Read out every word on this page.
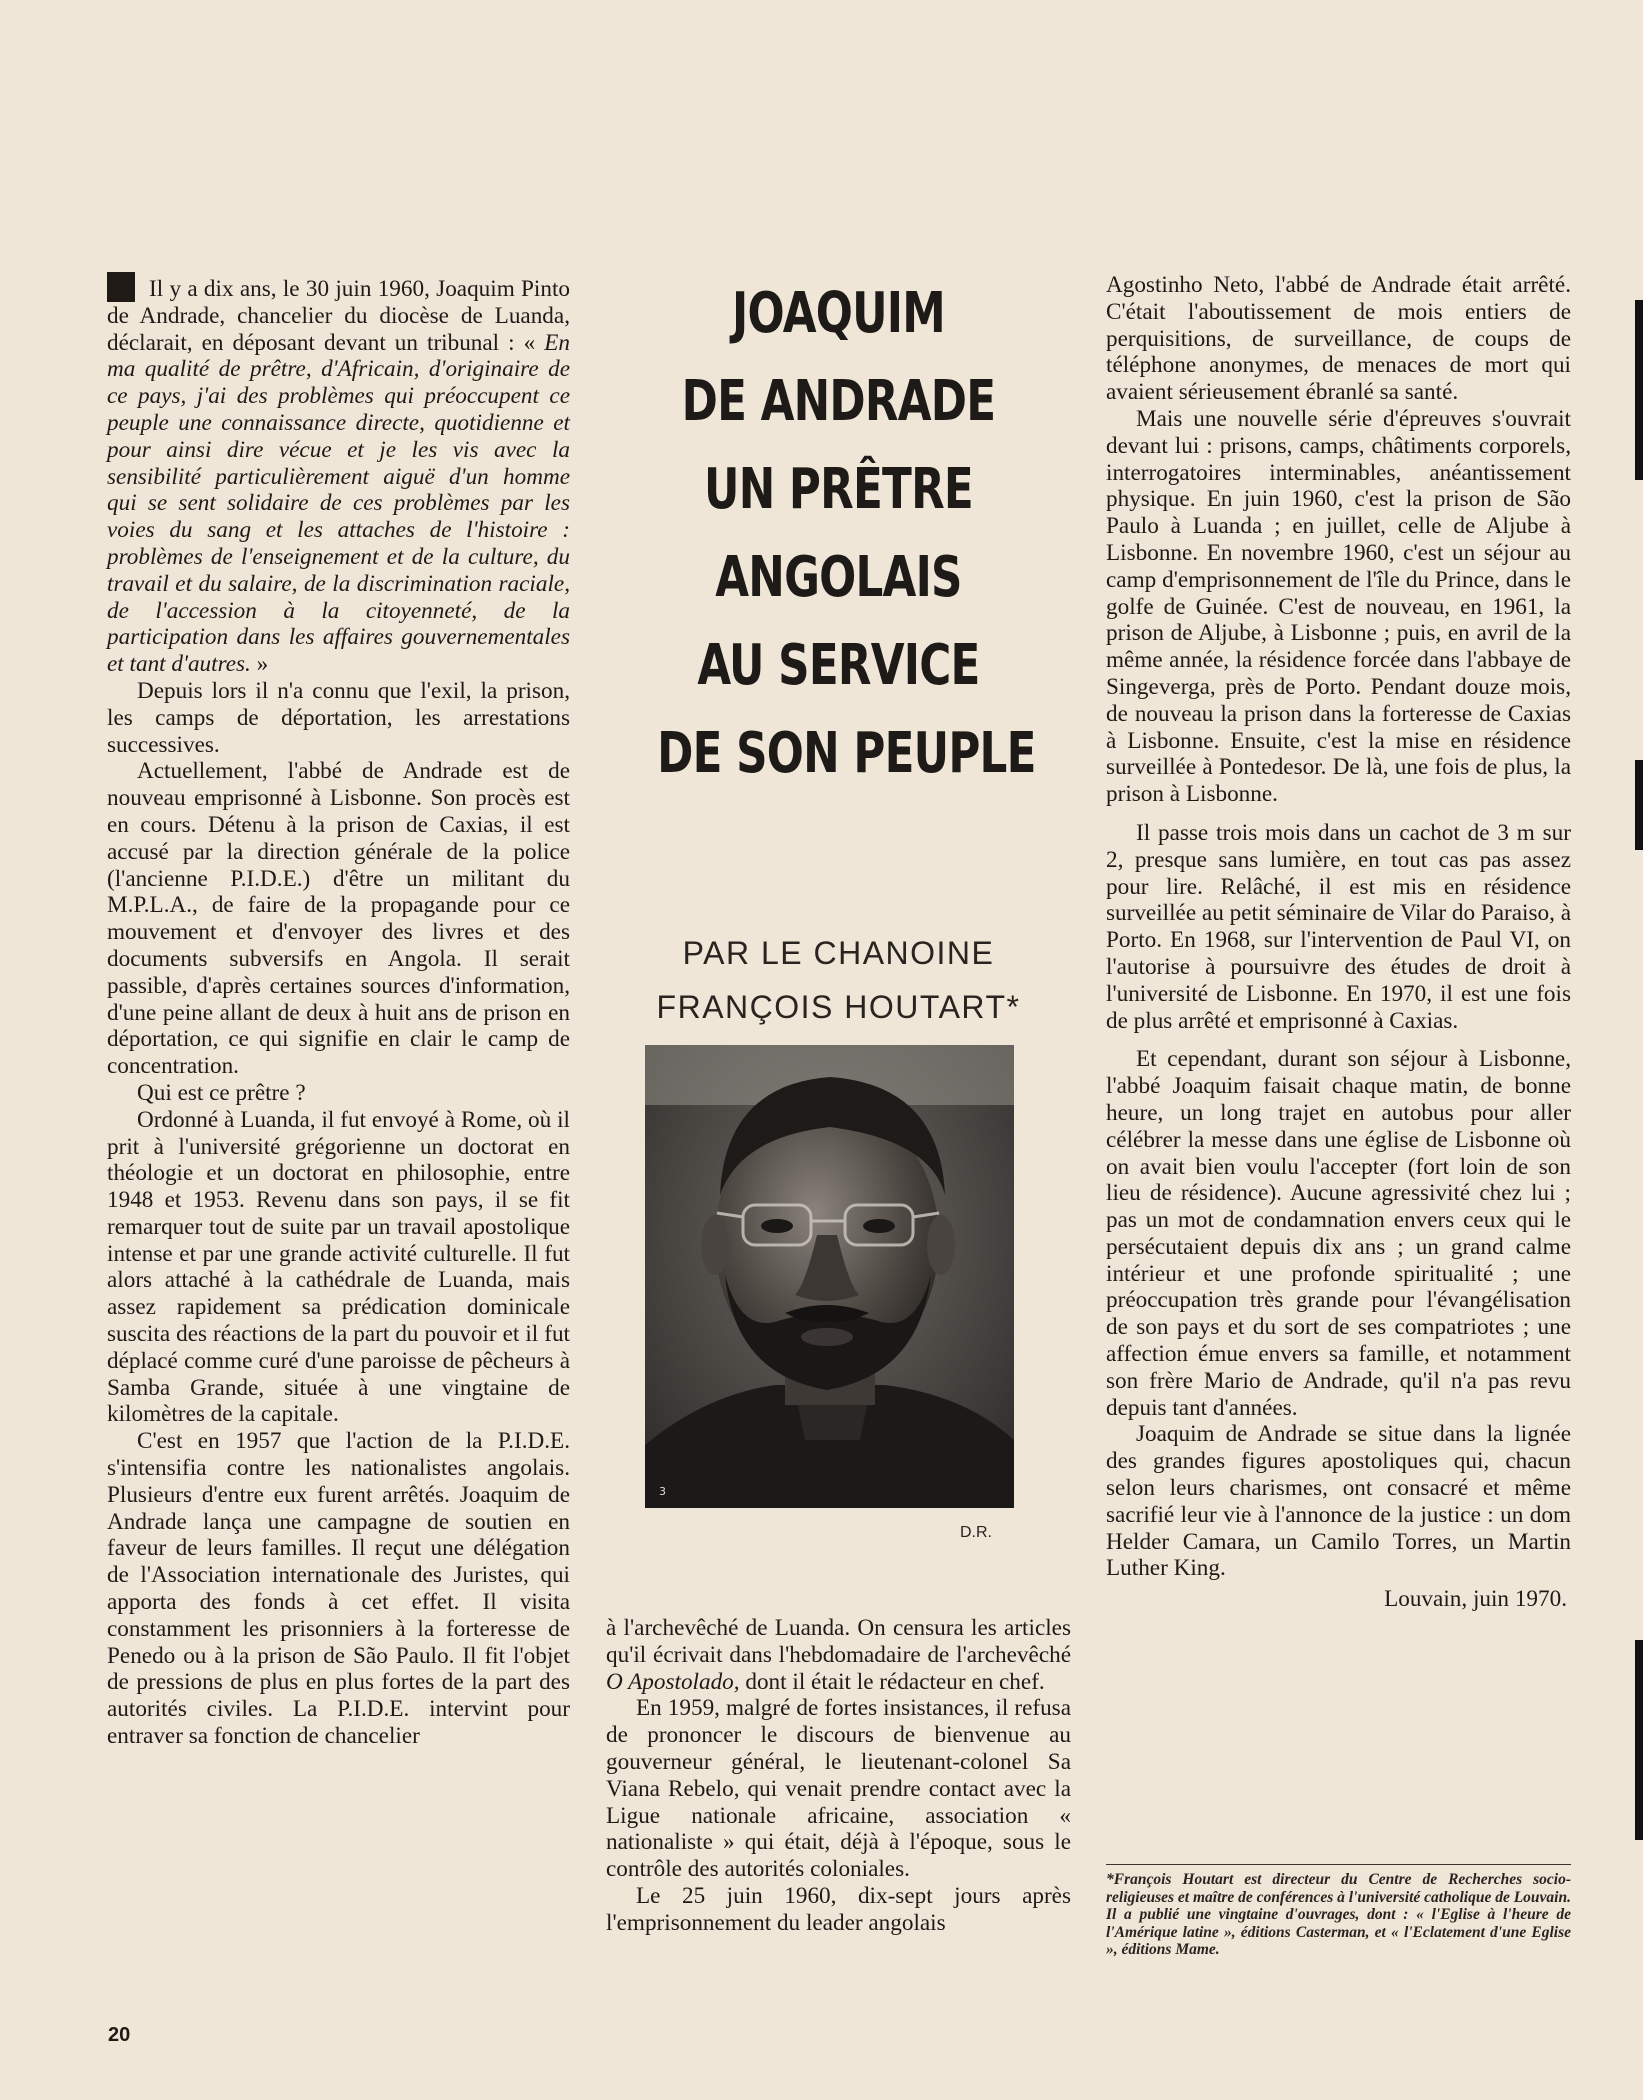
Il y a dix ans, le 30 juin 1960, Joaquim Pinto de Andrade, chancelier du diocèse de Luanda, déclarait, en déposant devant un tribunal : « En ma qualité de prêtre, d'Africain, d'originaire de ce pays, j'ai des problèmes qui préoccupent ce peuple une connaissance directe, quotidienne et pour ainsi dire vécue et je les vis avec la sensibilité particulièrement aiguë d'un homme qui se sent solidaire de ces problèmes par les voies du sang et les attaches de l'histoire : problèmes de l'enseignement et de la culture, du travail et du salaire, de la discrimination raciale, de l'accession à la citoyenneté, de la participation dans les affaires gouvernementales et tant d'autres. »

Depuis lors il n'a connu que l'exil, la prison, les camps de déportation, les arrestations successives.

Actuellement, l'abbé de Andrade est de nouveau emprisonné à Lisbonne. Son procès est en cours. Détenu à la prison de Caxias, il est accusé par la direction générale de la police (l'ancienne P.I.D.E.) d'être un militant du M.P.L.A., de faire de la propagande pour ce mouvement et d'envoyer des livres et des documents subversifs en Angola. Il serait passible, d'après certaines sources d'information, d'une peine allant de deux à huit ans de prison en déportation, ce qui signifie en clair le camp de concentration.

Qui est ce prêtre ?

Ordonné à Luanda, il fut envoyé à Rome, où il prit à l'université grégorienne un doctorat en théologie et un doctorat en philosophie, entre 1948 et 1953. Revenu dans son pays, il se fit remarquer tout de suite par un travail apostolique intense et par une grande activité culturelle. Il fut alors attaché à la cathédrale de Luanda, mais assez rapidement sa prédication dominicale suscita des réactions de la part du pouvoir et il fut déplacé comme curé d'une paroisse de pêcheurs à Samba Grande, située à une vingtaine de kilomètres de la capitale.

C'est en 1957 que l'action de la P.I.D.E. s'intensifia contre les nationalistes angolais. Plusieurs d'entre eux furent arrêtés. Joaquim de Andrade lança une campagne de soutien en faveur de leurs familles. Il reçut une délégation de l'Association internationale des Juristes, qui apporta des fonds à cet effet. Il visita constamment les prisonniers à la forteresse de Penedo ou à la prison de São Paulo. Il fit l'objet de pressions de plus en plus fortes de la part des autorités civiles. La P.I.D.E. intervint pour entraver sa fonction de chancelier

JOAQUIM
DE ANDRADE
UN PRÊTRE
ANGOLAIS
AU SERVICE
DE SON PEUPLE
PAR LE CHANOINE
FRANÇOIS HOUTART*
3
D.R.

à l'archevêché de Luanda. On censura les articles qu'il écrivait dans l'hebdomadaire de l'archevêché O Apostolado, dont il était le rédacteur en chef.

En 1959, malgré de fortes insistances, il refusa de prononcer le discours de bienvenue au gouverneur général, le lieutenant-colonel Sa Viana Rebelo, qui venait prendre contact avec la Ligue nationale africaine, association « nationaliste » qui était, déjà à l'époque, sous le contrôle des autorités coloniales.

Le 25 juin 1960, dix-sept jours après l'emprisonnement du leader angolais

Agostinho Neto, l'abbé de Andrade était arrêté. C'était l'aboutissement de mois entiers de perquisitions, de surveillance, de coups de téléphone anonymes, de menaces de mort qui avaient sérieusement ébranlé sa santé.

Mais une nouvelle série d'épreuves s'ouvrait devant lui : prisons, camps, châtiments corporels, interrogatoires interminables, anéantissement physique. En juin 1960, c'est la prison de São Paulo à Luanda ; en juillet, celle de Aljube à Lisbonne. En novembre 1960, c'est un séjour au camp d'emprisonnement de l'île du Prince, dans le golfe de Guinée. C'est de nouveau, en 1961, la prison de Aljube, à Lisbonne ; puis, en avril de la même année, la résidence forcée dans l'abbaye de Singeverga, près de Porto. Pendant douze mois, de nouveau la prison dans la forteresse de Caxias à Lisbonne. Ensuite, c'est la mise en résidence surveillée à Pontedesor. De là, une fois de plus, la prison à Lisbonne.

Il passe trois mois dans un cachot de 3 m sur 2, presque sans lumière, en tout cas pas assez pour lire. Relâché, il est mis en résidence surveillée au petit séminaire de Vilar do Paraiso, à Porto. En 1968, sur l'intervention de Paul VI, on l'autorise à poursuivre des études de droit à l'université de Lisbonne. En 1970, il est une fois de plus arrêté et emprisonné à Caxias.

Et cependant, durant son séjour à Lisbonne, l'abbé Joaquim faisait chaque matin, de bonne heure, un long trajet en autobus pour aller célébrer la messe dans une église de Lisbonne où on avait bien voulu l'accepter (fort loin de son lieu de résidence). Aucune agressivité chez lui ; pas un mot de condamnation envers ceux qui le persécutaient depuis dix ans ; un grand calme intérieur et une profonde spiritualité ; une préoccupation très grande pour l'évangélisation de son pays et du sort de ses compatriotes ; une affection émue envers sa famille, et notamment son frère Mario de Andrade, qu'il n'a pas revu depuis tant d'années.

Joaquim de Andrade se situe dans la lignée des grandes figures apostoliques qui, chacun selon leurs charismes, ont consacré et même sacrifié leur vie à l'annonce de la justice : un dom Helder Camara, un Camilo Torres, un Martin Luther King.

Louvain, juin 1970.

*François Houtart est directeur du Centre de Recherches socio-religieuses et maître de conférences à l'université catholique de Louvain. Il a publié une vingtaine d'ouvrages, dont : « l'Eglise à l'heure de l'Amérique latine », éditions Casterman, et « l'Eclatement d'une Eglise », éditions Mame.
20
